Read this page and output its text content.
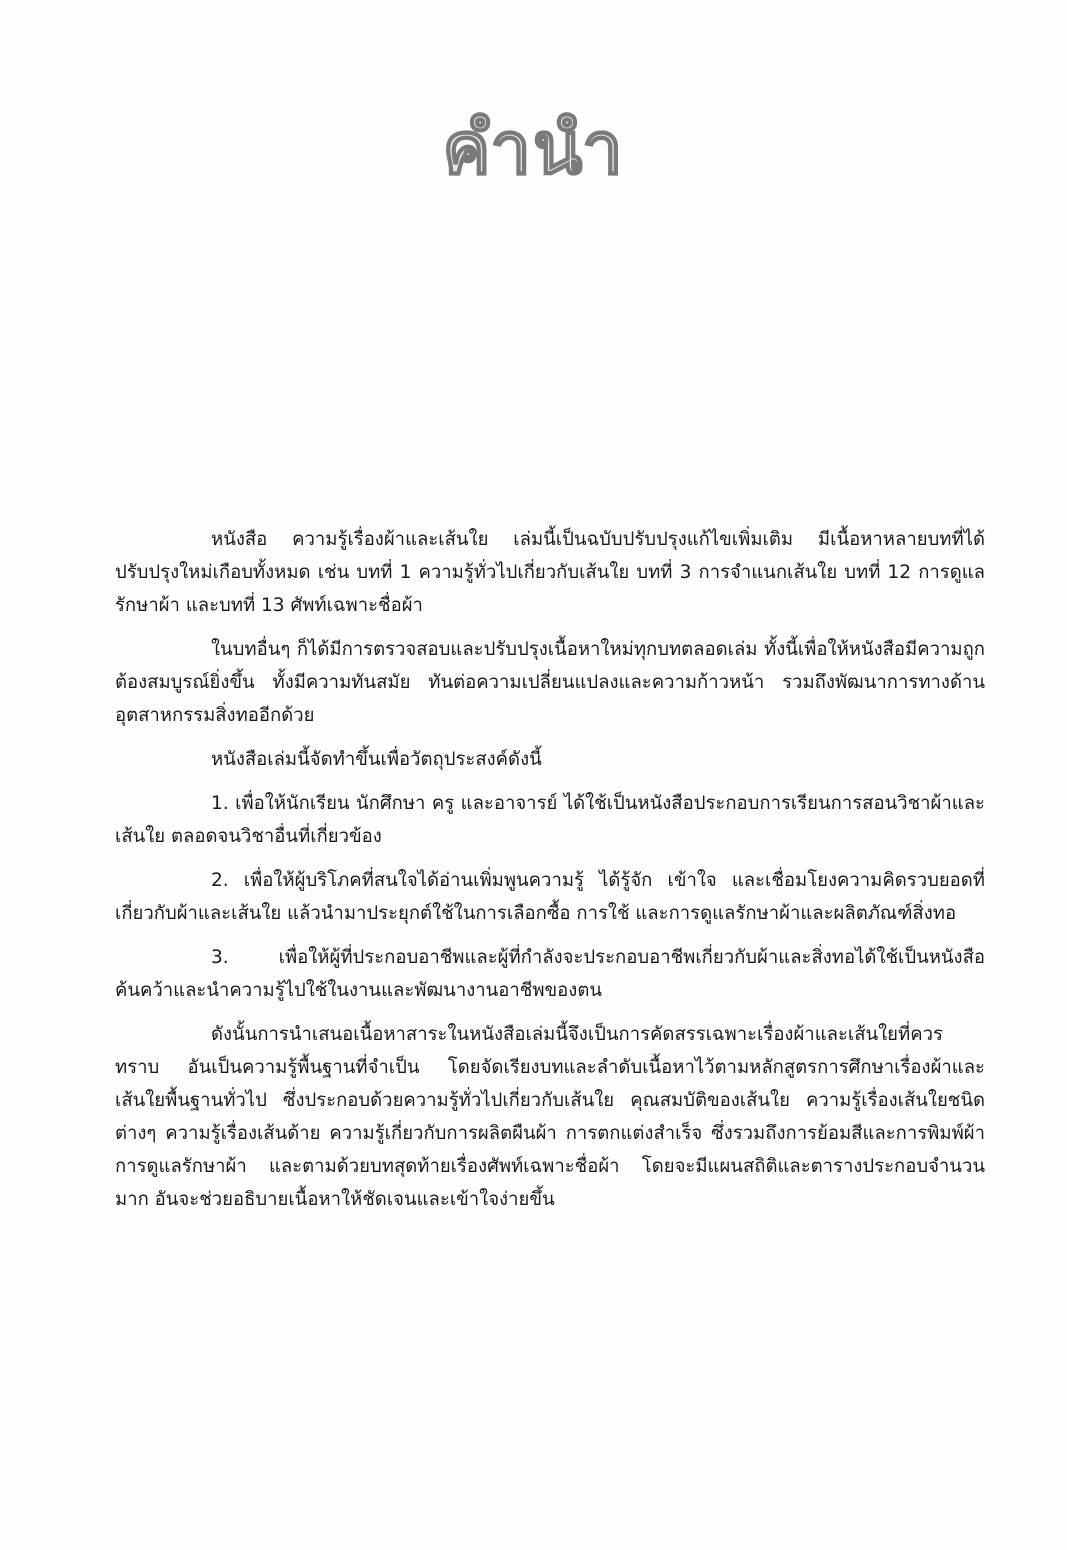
คำนำ

หนังสือ ความรู้เรื่องผ้าและเส้นใย เล่มนี้เป็นฉบับปรับปรุงแก้ไขเพิ่มเติม มีเนื้อหาหลายบทที่ได้ปรับปรุงใหม่เกือบทั้งหมด เช่น บทที่ 1 ความรู้ทั่วไปเกี่ยวกับเส้นใย บทที่ 3 การจำแนกเส้นใย บทที่ 12 การดูแลรักษาผ้า และบทที่ 13 ศัพท์เฉพาะชื่อผ้า

ในบทอื่นๆ ก็ได้มีการตรวจสอบและปรับปรุงเนื้อหาใหม่ทุกบทตลอดเล่ม ทั้งนี้เพื่อให้หนังสือมีความถูกต้องสมบูรณ์ยิ่งขึ้น ทั้งมีความทันสมัย ทันต่อความเปลี่ยนแปลงและความก้าวหน้า รวมถึงพัฒนาการทางด้านอุตสาหกรรมสิ่งทออีกด้วย

หนังสือเล่มนี้จัดทำขึ้นเพื่อวัตถุประสงค์ดังนี้

1. เพื่อให้นักเรียน นักศึกษา ครู และอาจารย์ ได้ใช้เป็นหนังสือประกอบการเรียนการสอนวิชาผ้าและเส้นใย ตลอดจนวิชาอื่นที่เกี่ยวข้อง

2. เพื่อให้ผู้บริโภคที่สนใจได้อ่านเพิ่มพูนความรู้ ได้รู้จัก เข้าใจ และเชื่อมโยงความคิดรวบยอดที่เกี่ยวกับผ้าและเส้นใย แล้วนำมาประยุกต์ใช้ในการเลือกซื้อ การใช้ และการดูแลรักษาผ้าและผลิตภัณฑ์สิ่งทอ

3. เพื่อให้ผู้ที่ประกอบอาชีพและผู้ที่กำลังจะประกอบอาชีพเกี่ยวกับผ้าและสิ่งทอได้ใช้เป็นหนังสือค้นคว้าและนำความรู้ไปใช้ในงานและพัฒนางานอาชีพของตน

ดังนั้นการนำเสนอเนื้อหาสาระในหนังสือเล่มนี้จึงเป็นการคัดสรรเฉพาะเรื่องผ้าและเส้นใยที่ควรทราบ อันเป็นความรู้พื้นฐานที่จำเป็น โดยจัดเรียงบทและลำดับเนื้อหาไว้ตามหลักสูตรการศึกษาเรื่องผ้าและเส้นใยพื้นฐานทั่วไป ซึ่งประกอบด้วยความรู้ทั่วไปเกี่ยวกับเส้นใย คุณสมบัติของเส้นใย ความรู้เรื่องเส้นใยชนิดต่างๆ ความรู้เรื่องเส้นด้าย ความรู้เกี่ยวกับการผลิตผืนผ้า การตกแต่งสำเร็จ ซึ่งรวมถึงการย้อมสีและการพิมพ์ผ้า การดูแลรักษาผ้า และตามด้วยบทสุดท้ายเรื่องศัพท์เฉพาะชื่อผ้า โดยจะมีแผนสถิติและตารางประกอบจำนวนมาก อันจะช่วยอธิบายเนื้อหาให้ชัดเจนและเข้าใจง่ายขึ้น
